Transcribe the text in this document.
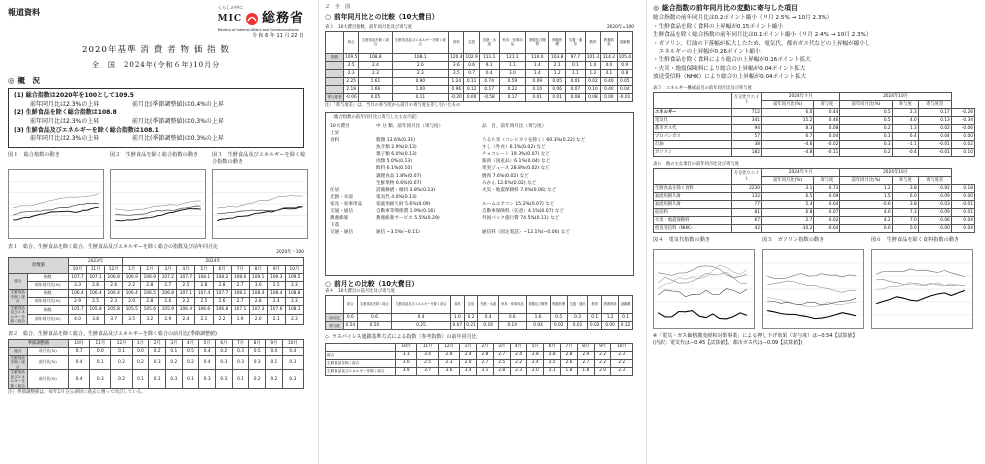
報道資料	くらしの中に
MIC 総務省
Ministry of Internal Affairs and Communications
令 和 6 年 11 月 22 日
2020年基準 消 費 者 物 価 指 数
全　国　2024年(令和６年)10月分
◎ 概　況
(1) 総合指数は2020年を100として109.5
前年同月比は2.3%の上昇	前月比(季節調整値)は0.4%の上昇
(2) 生鮮食品を除く総合指数は108.8
前年同月比は2.3%の上昇	前月比(季節調整値)は0.3%の上昇
(3) 生鮮食品及びエネルギーを除く総合指数は108.1
前年同月比は2.3%の上昇	前月比(季節調整値)は0.3%の上昇
図１　総合指数の動き	図２　生鮮食品を除く総合指数の動き	図３　生鮮食品及びエネルギーを除く総合指数の動き
表１　総合、生鮮食品を除く総合、生鮮食品及びエネルギーを除く総合の指数及び前年同月比
2020年＝100
原数値		2023年			2024年									
		10月	11月	12月	1月	2月	3月	4月	5月	6月	7月	8月	9月	10月
総合	指数	107.7	107.1	106.8	106.9	106.9	107.2	107.7	108.1	108.2	108.6	109.1	109.3	109.5
	前年同月比(%)	3.3	2.8	2.6	2.2	2.8	2.7	2.5	2.8	2.8	2.7	3.0	2.5	2.3
生鮮食品を除く総合	指数	106.4	106.4	106.4	106.4	106.5	106.8	107.1	107.4	107.7	108.1	108.4	108.4	108.8
	前年同月比(%)	2.9	2.5	2.3	2.0	2.8	2.6	2.2	2.5	2.6	2.7	2.8	2.4	2.3
生鮮食品及びエネルギーを除く総合	指数	105.7	105.8	105.8	105.5	105.6	105.9	106.4	106.6	106.8	107.1	107.3	107.6	108.1
	前年同月比(%)	4.0	3.8	3.7	3.5	3.2	2.9	2.4	2.1	2.2	1.9	2.0	2.1	2.3
表２　総合、生鮮食品を除く総合、生鮮食品及びエネルギーを除く総合の前月比(季節調整値)
季節調整値		10月	11月	12月	1月	2月	3月	4月	5月	6月	7月	8月	9月	10月
総合	前月比(%)	0.7	0.0	0.1	0.0	0.2	0.1	0.5	0.4	0.2	0.3	0.5	0.0	0.4
生鮮食品を除く総合	前月比(%)	0.4	0.1	0.2	0.2	0.3	0.2	0.2	0.4	0.3	0.3	0.3	0.1	0.3
生鮮食品及びエネルギーを除く総合	前月比(%)	0.4	0.3	0.2	0.1	0.1	0.3	0.1	0.3	0.3	0.1	0.2	0.2	0.3
注）季節調整値は、毎年1月分公表時に過去に遡って改訂している。
２　全　国
○ 前年同月比との比較（10大費目）
表３　10大費目指数、前年同月比及び寄与度	2020年=100
	総合	生鮮食品を除く総合	生鮮食品及びエネルギーを除く総合	食料	住居	光熱・水道	家具・家事用品	被服及び履物	保健医療	交通・通信	教育	教養娯楽	諸雑費
指数	109.5	108.8	108.1	120.4	102.9	111.1	121.1	110.0	103.8	97.7	101.3	114.2	105.4
	2.5	2.4	2.6	3.6	0.6	9.1	1.1	1.4	2.1	0.1	1.0	4.0	0.9
	2.3	2.3	2.3	3.5	0.7	0.4	3.0	1.4	1.2	1.1	1.2	4.1	0.8
	2.25	1.61	0.90	1.24	0.11	0.74	0.59	0.09	0.05	0.01	0.02	0.40	0.05
	2.18	1.66	1.00	0.96	0.12	0.17	0.22	0.10	0.06	0.07	0.10	0.40	0.04
寄与度差	-0.06	0.05	0.11	-0.20	0.00	-0.58	0.17	0.01	0.01	0.08	0.08	0.00	-0.01
注）「寄与度差」は、当月の寄与度から前月の寄与度を差し引いたもの
〔総合指数の前年同月比に寄与した主な内訳〕
10大費目	中 分 類、前年同月比（寄与度）	品　目、前年同月比（寄与度）
上昇
食料	穀類 13.6%(0.31)	うるち米（コシヒカリを除く）60.3%(0.22) など
魚介類 2.9%(0.13)	すし（外食）6.1%(0.02) など
菓子類 6.0%(0.13)	チョコレート 19.3%(0.07) など
肉類 5.0%(0.13)	豚肉（国産品）6.1%(0.04) など
飲料 6.1%(0.10)	果実ジュース 28.8%(0.02) など
調理食品 1.8%(0.07)	焼肉 7.6%(0.02) など
生鮮果物 6.6%(0.07)	みかん 12.6%(0.02) など
住居	設備修繕・維持 3.8%(0.13)	火災・地震保険料 7.0%(0.06) など
光熱・水道	電気代 4.0%(0.13)
家具・家事用品	家庭用耐久財 5.6%(0.09)	ルームエアコン 15.2%(0.07) など
交通・通信	自動車等関係費 1.9%(0.16)	自動車保険料（任意）4.1%(0.07) など
教養娯楽	教養娯楽サービス 5.5%(0.29)	外国パック旅行費 74.5%(0.11) など
下落
交通・通信	通信 −3.5%(−0.11)	通信料（固定電話）−12.1%(−0.06) など
○ 前月との比較（10大費目）
表４　10大費目の前月比及び寄与度
	総合	生鮮食品を除く総合	生鮮食品及びエネルギーを除く総合	食料	住居	光熱・水道	家具・家事用品	被服及び履物	保健医療	交通・通信	教育	教養娯楽	諸雑費
前月比	0.6	0.6	0.4	1.0	0.2	0.4	0.6	1.6	0.5	0.3	0.1	1.2	0.1
寄与度	0.54	0.50	0.25	0.07	0.21	0.16	0.14	0.04	0.02	0.01	0.02	0.00	0.12
◇ ラスパイレス連鎖基準方式による指数（参考指数）の前年同月比
	10月	11月	12月	1月	2月	3月	4月	5月	6月	7月	8月	9月	10月
総合	3.1	3.4	2.9	2.4	2.8	2.7	2.4	2.8	2.8	2.8	2.9	2.2	2.3
生鮮食品を除く総合	3.0	2.5	2.3	2.0	2.7	2.5	2.2	2.4	2.5	2.6	2.7	2.2	2.2
生鮮食品及びエネルギーを除く総合	3.9	3.7	3.6	3.4	3.1	2.8	2.3	2.0	2.1	1.8	1.8	2.0	2.3
◎ 総合指数の前年同月比の変動に寄与した項目
総合指数の前年同月比は0.2ポイント縮小（９月 2.5% → 10月 2.3%）
・生鮮食品を除く食料の上昇幅が0.15ポイント縮小
生鮮食品を除く総合指数の前年同月比は0.1ポイント縮小（９月 2.4% → 10月 2.3%）
・ガソリン、灯油の下落幅が拡大したため、電気代、都市ガス代などの上昇幅が縮小し
　エネルギーの上昇幅が0.26ポイント縮小
・生鮮食品を除く食料により総合の上昇幅が0.16ポイント拡大
・火災・地震保険料により総合の上昇幅が0.04ポイント拡大
放送受信料（NHK）により総合の上昇幅が0.04ポイント拡大
表５　エネルギー構成品目の前年同月比及び寄与度
	万分比ウエイト	2024年９月		2024年10月			
		前年同月比(%)	寄与度	前年同月比(%)	寄与度	寄与度差	
エネルギー	712	6.0	0.44	0.5	2.3	0.17	-0.26
電気代	341	15.2	0.46	0.5	4.0	0.13	-0.34
都市ガス代	94	8.3	0.08	0.2	1.3	0.02	-0.06
プロパンガス	57	6.7	0.04	0.1	6.4	0.04	0.00
灯油	38	-4.6	-0.02	0.3	-1.1	-0.01	0.02
ガソリン	182	-4.8	-0.11	0.2	-0.4	-0.01	0.10
表６　他の主な項目の前年同月比及び寄与度
	万分比ウエイト	2024年９月		2024年10月			
		前年同月比(%)	寄与度	前年同月比(%)	寄与度	寄与度差	
生鮮食品を除く食料	2230	3.1	0.73	1.2	3.8	0.92	0.18
家庭用耐久財	132	6.5	0.09	1.5	6.0	0.09	0.00
家庭用耐久財	77	5.4	0.04	-0.6	3.8	0.03	-0.01
宿泊料	81	6.8	0.07	4.0	7.3	0.09	0.01
火災・地震保険料	67	2.7	0.02	4.2	7.0	0.06	0.04
放送受信料（NHK）	42	-10.2	-0.04	0.0	0.0	0.00	0.04
図４　電気代指数の動き	図５　ガソリン指数の動き	図６　生鮮食品を除く食料指数の動き
※「電気・ガス価格激変緩和対策事業」による押し下げ効果（寄与度）は−0.54【試算値】
(内訳：電気代は−0.45【試算値】、都市ガス代は−0.09【試算値】)
